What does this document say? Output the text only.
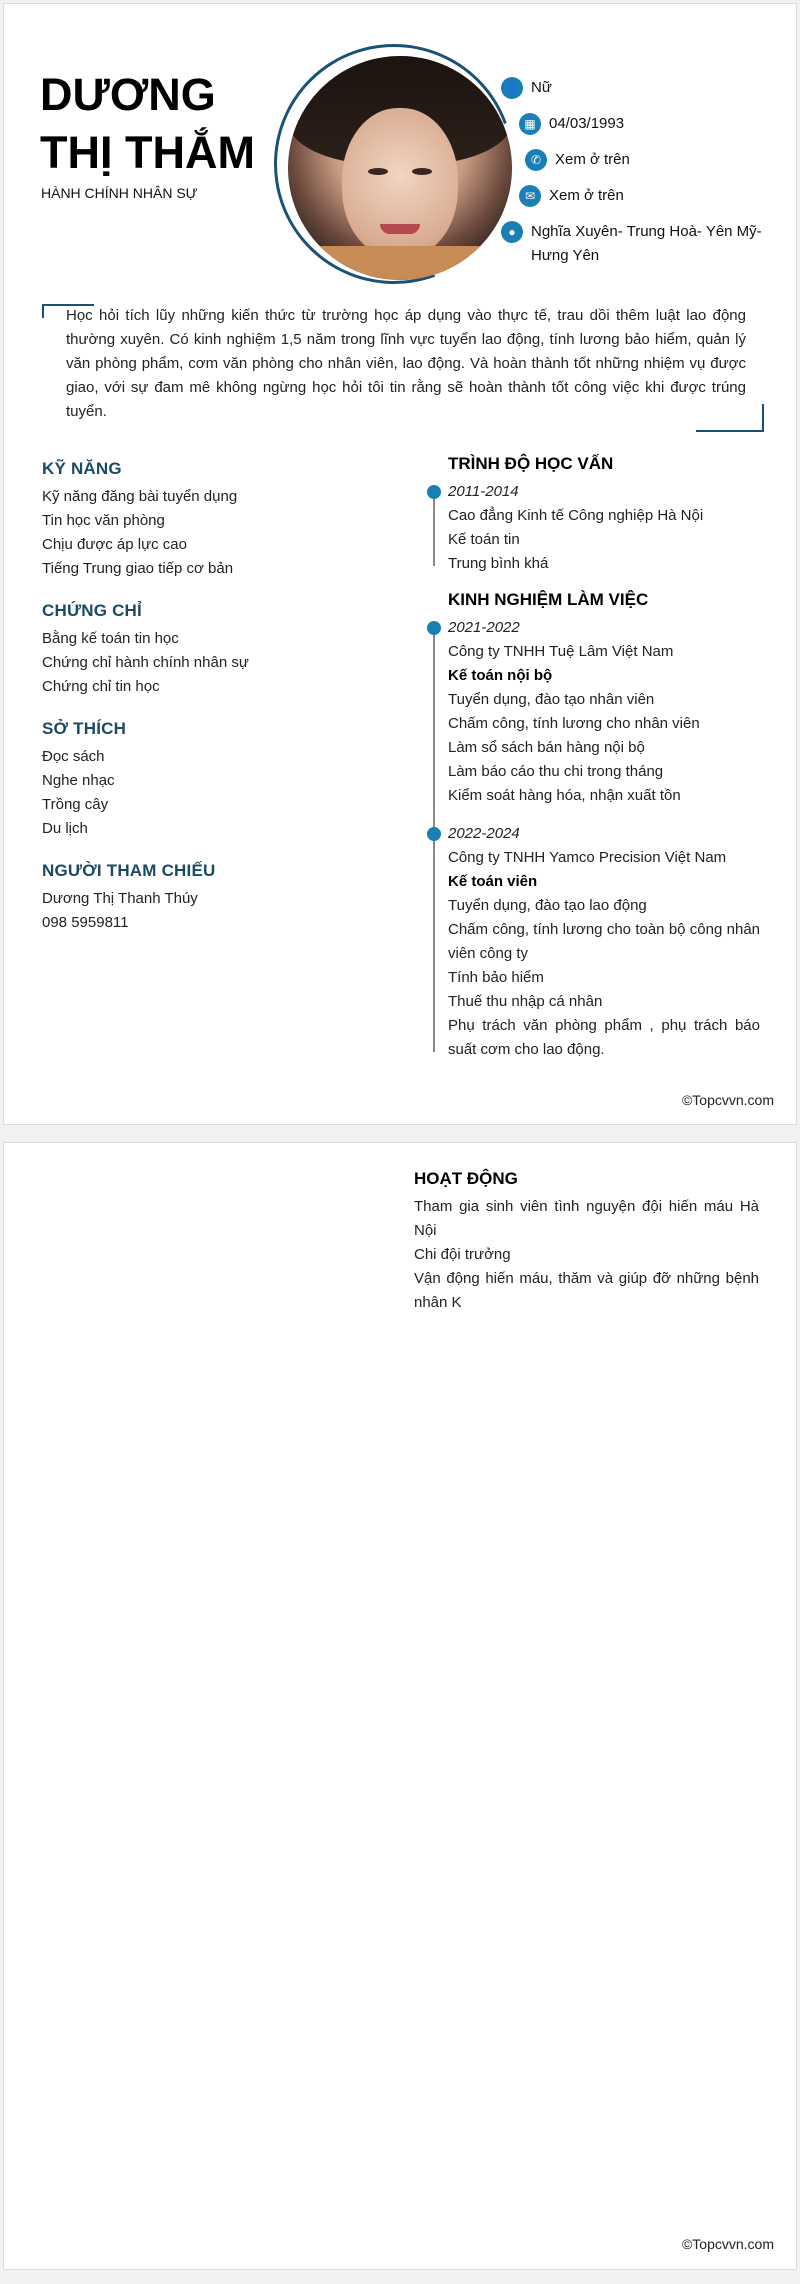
DƯƠNG
THỊ THẮM
HÀNH CHÍNH NHÂN SỰ
👤 Nữ
▦ 04/03/1993
✆ Xem ở trên
✉ Xem ở trên
●	Nghĩa Xuyên- Trung Hoà- Yên Mỹ- Hưng Yên
Học hỏi tích lũy những kiến thức từ trường học áp dụng vào thực tế, trau dồi thêm luật lao động thường xuyên. Có kinh nghiệm 1,5 năm trong lĩnh vực tuyển lao động, tính lương bảo hiểm, quản lý văn phòng phẩm, cơm văn phòng cho nhân viên, lao động. Và hoàn thành tốt những nhiệm vụ được giao, với sự đam mê không ngừng học hỏi tôi tin rằng sẽ hoàn thành tốt công việc khi được trúng tuyển.
KỸ NĂNG
Kỹ năng đăng bài tuyển dụng
Tin học văn phòng
Chịu được áp lực cao
Tiếng Trung giao tiếp cơ bản
CHỨNG CHỈ
Bằng kế toán tin học
Chứng chỉ hành chính nhân sự
Chứng chỉ tin học
SỞ THÍCH
Đọc sách
Nghe nhạc
Trồng cây
Du lịch
NGƯỜI THAM CHIẾU
Dương Thị Thanh Thúy
098 5959811
TRÌNH ĐỘ HỌC VẤN
2011-2014
Cao đẳng Kinh tế Công nghiệp Hà Nội
Kế toán tin
Trung bình khá
KINH NGHIỆM LÀM VIỆC
2021-2022
Công ty TNHH Tuệ Lâm Việt Nam
Kế toán nội bộ
Tuyển dụng, đào tạo nhân viên
Chấm công, tính lương cho nhân viên
Làm sổ sách bán hàng nội bộ
Làm báo cáo thu chi trong tháng
Kiểm soát hàng hóa, nhận xuất tồn
2022-2024
Công ty TNHH Yamco Precision Việt Nam
Kế toán viên
Tuyển dụng, đào tạo lao động
Chấm công, tính lương cho toàn bộ công nhân viên công ty
Tính bảo hiểm
Thuế thu nhập cá nhân
Phụ trách văn phòng phẩm , phụ trách báo suất cơm cho lao động.
©Topcvvn.com
HOẠT ĐỘNG
Tham gia sinh viên tình nguyện đội hiến máu Hà Nội
Chi đội trưởng
Vận động hiến máu, thăm và giúp đỡ những bệnh nhân K
©Topcvvn.com
